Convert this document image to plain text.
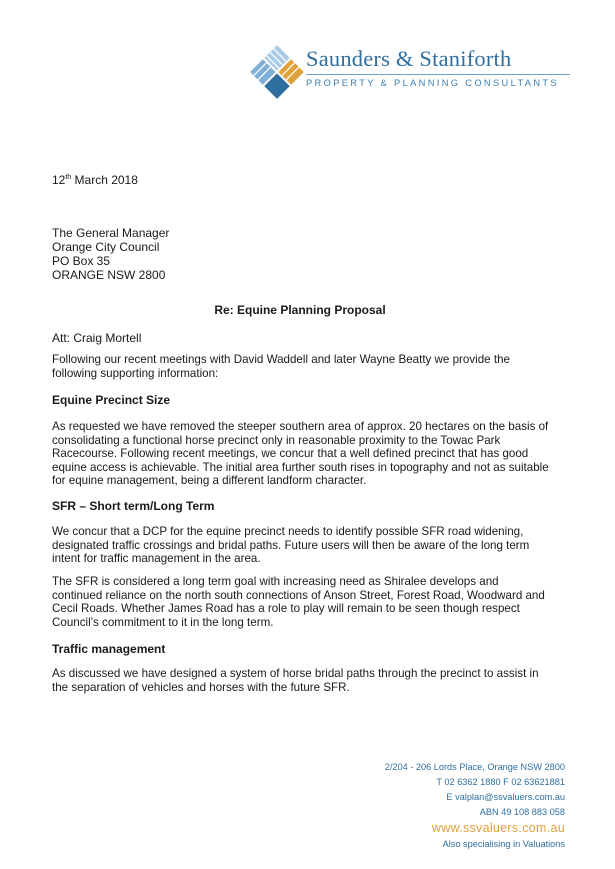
Saunders & Staniforth
PROPERTY & PLANNING CONSULTANTS
12th March 2018
The General Manager
Orange City Council
PO Box 35
ORANGE NSW 2800
Re: Equine Planning Proposal
Att: Craig Mortell
Following our recent meetings with David Waddell and later Wayne Beatty we provide the following supporting information:
Equine Precinct Size
As requested we have removed the steeper southern area of approx. 20 hectares on the basis of consolidating a functional horse precinct only in reasonable proximity to the Towac Park Racecourse. Following recent meetings, we concur that a well defined precinct that has good equine access is achievable. The initial area further south rises in topography and not as suitable for equine management, being a different landform character.
SFR – Short term/Long Term
We concur that a DCP for the equine precinct needs to identify possible SFR road widening, designated traffic crossings and bridal paths. Future users will then be aware of the long term intent for traffic management in the area.
The SFR is considered a long term goal with increasing need as Shiralee develops and continued reliance on the north south connections of Anson Street, Forest Road, Woodward and Cecil Roads. Whether James Road has a role to play will remain to be seen though respect Council’s commitment to it in the long term.
Traffic management
As discussed we have designed a system of horse bridal paths through the precinct to assist in the separation of vehicles and horses with the future SFR.
2/204 - 206 Lords Place, Orange NSW 2800
T 02 6362 1880 F 02 63621881
E valplan@ssvaluers.com.au
ABN 49 108 883 058
www.ssvaluers.com.au
Also specialising in Valuations
